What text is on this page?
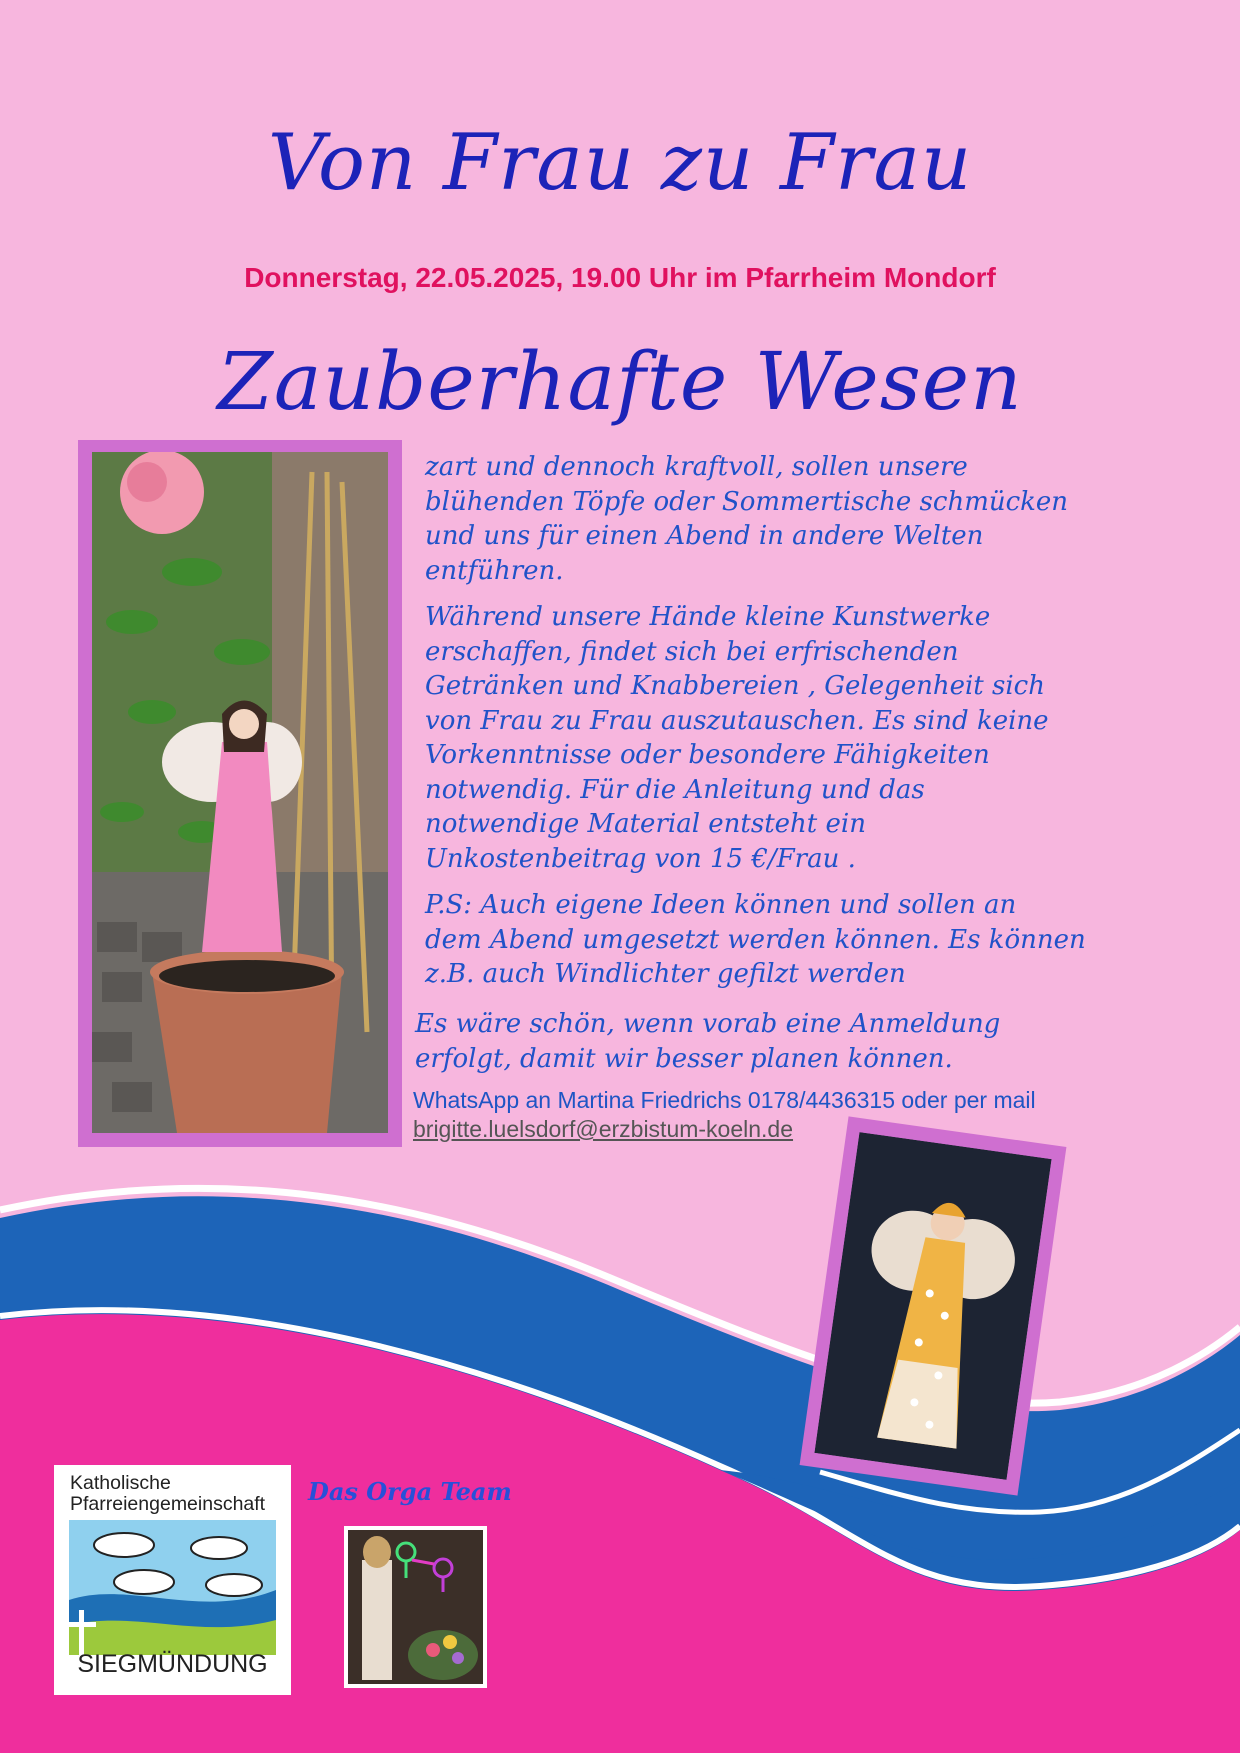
Von Frau zu Frau
Donnerstag, 22.05.2025, 19.00 Uhr im Pfarrheim Mondorf
Zauberhafte Wesen
zart und dennoch kraftvoll, sollen unsere
blühenden Töpfe oder Sommertische schmücken
und uns für einen Abend in andere Welten
entführen.
Während unsere Hände kleine Kunstwerke
erschaffen, findet sich bei erfrischenden
Getränken und Knabbereien , Gelegenheit sich
von Frau zu Frau auszutauschen. Es sind keine
Vorkenntnisse oder besondere Fähigkeiten
notwendig. Für die Anleitung und das
notwendige Material entsteht ein
Unkostenbeitrag von 15 €/Frau .
P.S: Auch eigene Ideen können und sollen an
dem Abend umgesetzt werden können. Es können
z.B. auch Windlichter gefilzt werden
Es wäre schön, wenn vorab eine Anmeldung
erfolgt, damit wir besser planen können.
WhatsApp an Martina Friedrichs 0178/4436315 oder per mail
brigitte.luelsdorf@erzbistum-koeln.de
Katholische
Pfarreiengemeinschaft
SIEGMÜNDUNG
Das Orga Team
